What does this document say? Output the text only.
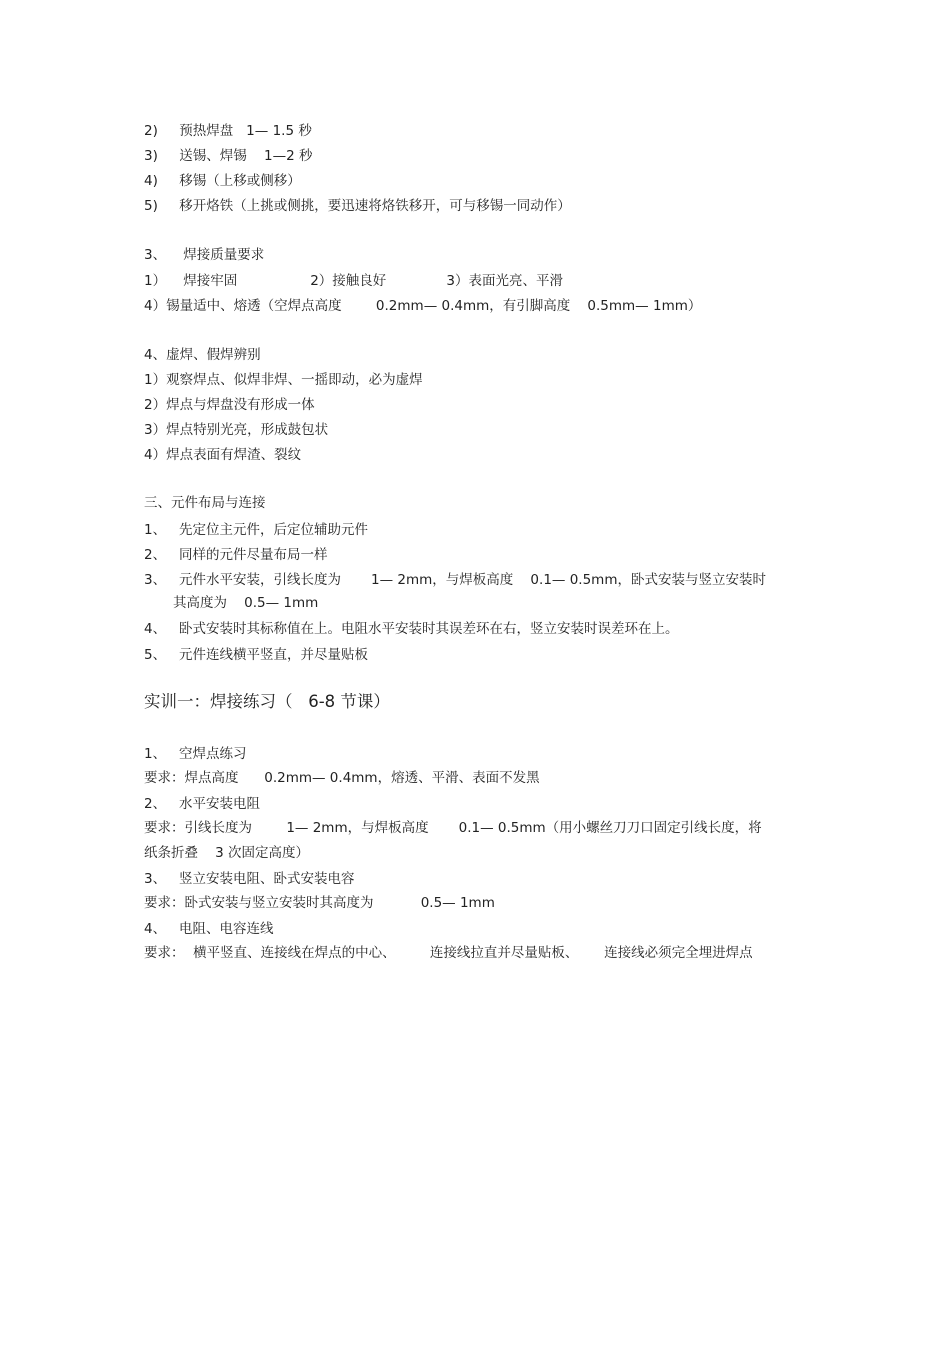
2)     预热焊盘   1— 1.5 秒

3)     送锡、焊锡    1—2 秒

4)     移锡（上移或侧移）

5)     移开烙铁（上挑或侧挑，要迅速将烙铁移开，可与移锡一同动作）

3、    焊接质量要求

1）    焊接牢固                 2）接触良好              3）表面光亮、平滑

4）锡量适中、熔透（空焊点高度        0.2mm— 0.4mm，有引脚高度    0.5mm— 1mm）

4、虚焊、假焊辨别

1）观察焊点、似焊非焊、一摇即动，必为虚焊

2）焊点与焊盘没有形成一体

3）焊点特别光亮，形成鼓包状

4）焊点表面有焊渣、裂纹

三、元件布局与连接

1、   先定位主元件，后定位辅助元件

2、   同样的元件尽量布局一样

3、   元件水平安装，引线长度为       1— 2mm，与焊板高度    0.1— 0.5mm，卧式安装与竖立安装时

其高度为    0.5— 1mm

4、   卧式安装时其标称值在上。电阻水平安装时其误差环在右，竖立安装时误差环在上。

5、   元件连线横平竖直，并尽量贴板

实训一：焊接练习（   6-8 节课）

1、   空焊点练习

要求：焊点高度      0.2mm— 0.4mm，熔透、平滑、表面不发黑

2、   水平安装电阻

要求：引线长度为        1— 2mm，与焊板高度       0.1— 0.5mm（用小螺丝刀刀口固定引线长度，将

纸条折叠    3 次固定高度）

3、   竖立安装电阻、卧式安装电容

要求：卧式安装与竖立安装时其高度为           0.5— 1mm

4、   电阻、电容连线

要求：  横平竖直、连接线在焊点的中心、        连接线拉直并尽量贴板、      连接线必须完全埋进焊点
